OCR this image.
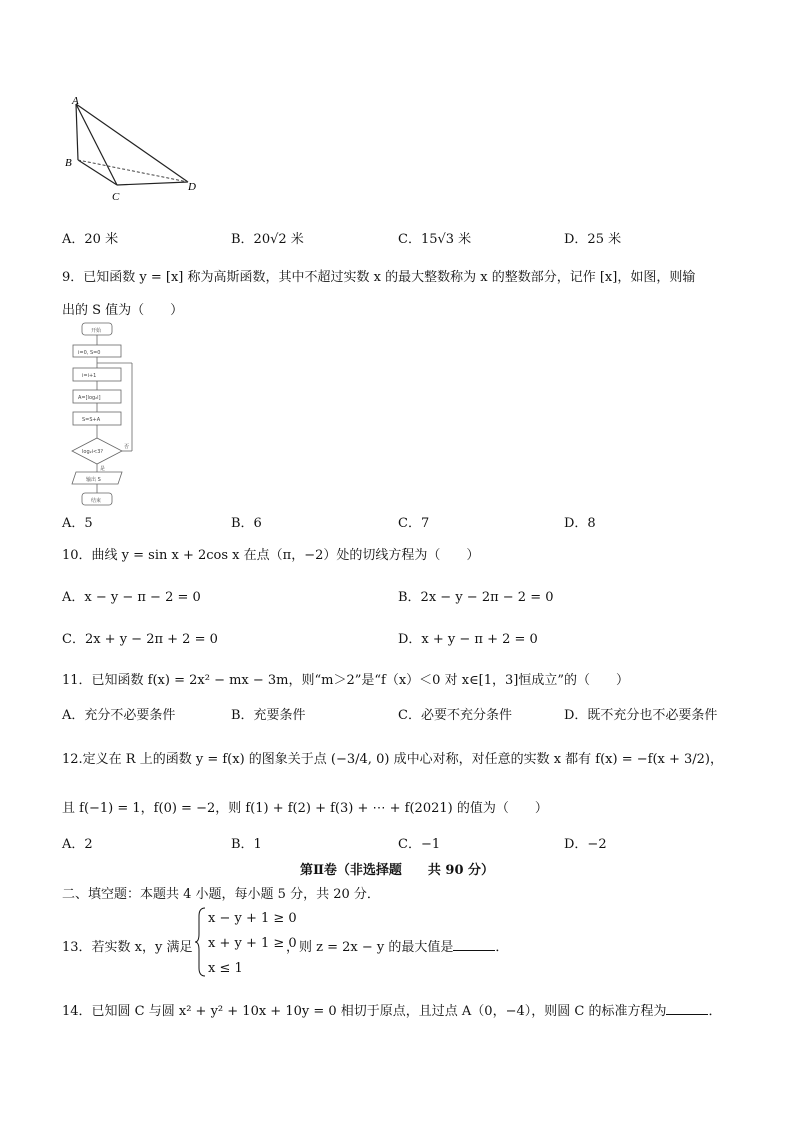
A
B
C
D
A．20 米	B．20√2 米	C．15√3 米	D．25 米
9．已知函数 y = [x] 称为高斯函数，其中不超过实数 x 的最大整数称为 x 的整数部分，记作 [x]，如图，则输
出的 S 值为（　　）
开始
i=0, S=0
i=i+1
A=[log₂i]
S=S+A
log₂i<3?
是
否
输出 S
结束
A．5	B．6	C．7	D．8
10．曲线 y = sin x + 2cos x 在点（π，−2）处的切线方程为（　　）
A．x − y − π − 2 = 0	B．2x − y − 2π − 2 = 0
C．2x + y − 2π + 2 = 0	D．x + y − π + 2 = 0
11．已知函数 f(x) = 2x² − mx − 3m，则“m＞2”是“f（x）＜0 对 x∈[1，3]恒成立”的（　　）
A．充分不必要条件	B．充要条件	C．必要不充分条件	D．既不充分也不必要条件
12.定义在 R 上的函数 y = f(x) 的图象关于点 (−3/4, 0) 成中心对称，对任意的实数 x 都有 f(x) = −f(x + 3/2)，
且 f(−1) = 1，f(0) = −2，则 f(1) + f(2) + f(3) + ⋯ + f(2021) 的值为（　　）
A．2	B．1	C．−1	D．−2
第Ⅱ卷（非选择题　　共 90 分）
二、填空题：本题共 4 小题，每小题 5 分，共 20 分．
13．若实数 x，y 满足
x − y + 1 ≥ 0
x + y + 1 ≥ 0
x ≤ 1
，则 z = 2x − y 的最大值是	．
14．已知圆 C 与圆 x² + y² + 10x + 10y = 0 相切于原点，且过点 A（0，−4），则圆 C 的标准方程为	．
